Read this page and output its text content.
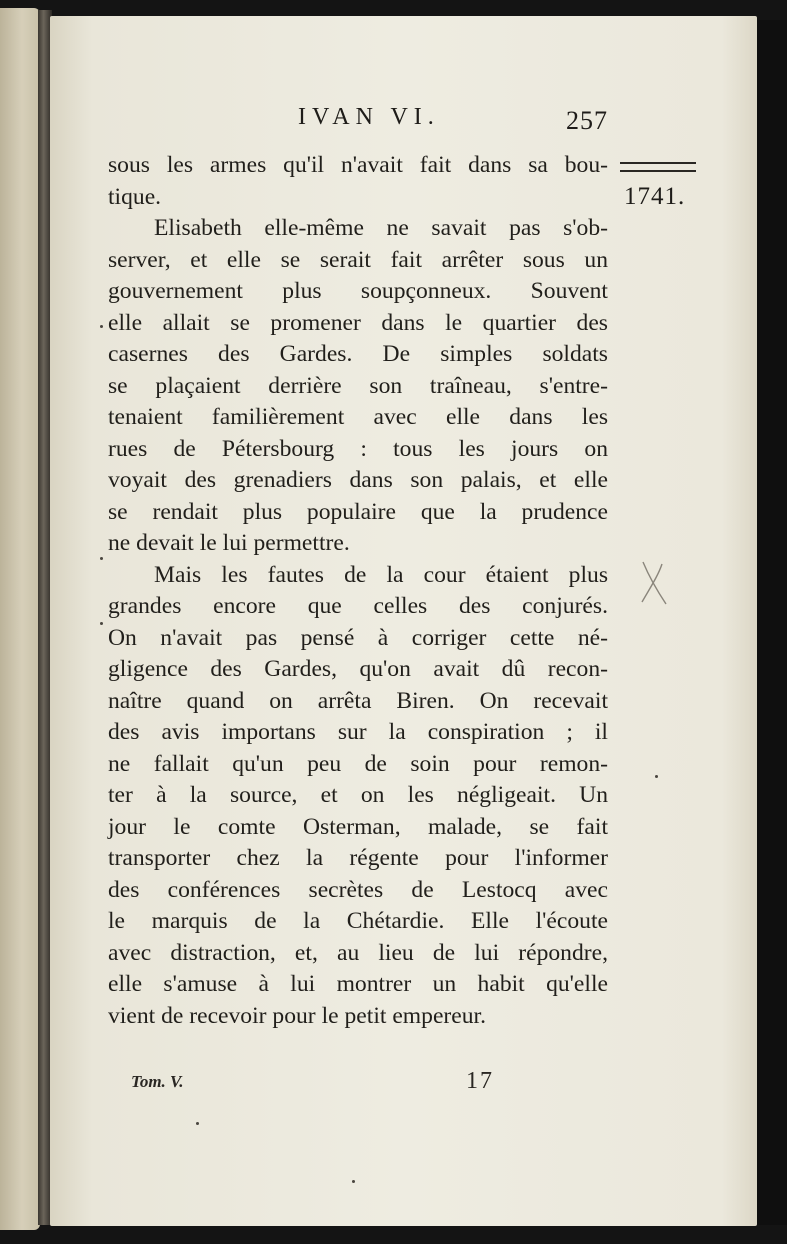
IVAN VI.	257
1741.
sous les armes qu'il n'avait fait dans sa bou-
tique.
Elisabeth elle-même ne savait pas s'ob-
server, et elle se serait fait arrêter sous un
gouvernement plus soupçonneux. Souvent
elle allait se promener dans le quartier des
casernes des Gardes. De simples soldats
se plaçaient derrière son traîneau, s'entre-
tenaient familièrement avec elle dans les
rues de Pétersbourg : tous les jours on
voyait des grenadiers dans son palais, et elle
se rendait plus populaire que la prudence
ne devait le lui permettre.
Mais les fautes de la cour étaient plus
grandes encore que celles des conjurés.
On n'avait pas pensé à corriger cette né-
gligence des Gardes, qu'on avait dû recon-
naître quand on arrêta Biren. On recevait
des avis importans sur la conspiration ; il
ne fallait qu'un peu de soin pour remon-
ter à la source, et on les négligeait. Un
jour le comte Osterman, malade, se fait
transporter chez la régente pour l'informer
des conférences secrètes de Lestocq avec
le marquis de la Chétardie. Elle l'écoute
avec distraction, et, au lieu de lui répondre,
elle s'amuse à lui montrer un habit qu'elle
vient de recevoir pour le petit empereur.
Tom. V.	17
